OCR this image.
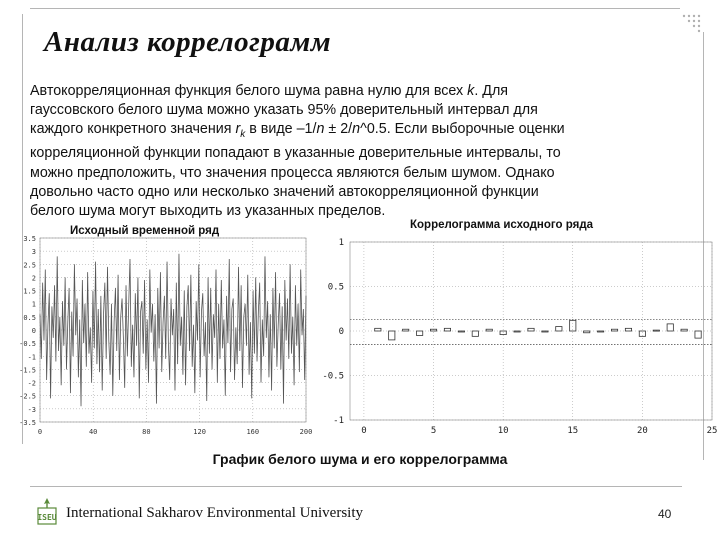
Анализ коррелограмм
Автокорреляционная функция белого шума равна нулю для всех k. Для
гауссовского белого шума можно указать 95% доверительный интервал для
каждого конкретного значения $r_k$ в виде –1/n ± 2/n^0.5. Если выборочные оценки
корреляционной функции попадают в указанные доверительные интервалы, то
можно предположить, что значения процесса являются белым шумом. Однако
довольно часто одно или несколько значений автокорреляционной функции
белого шума могут выходить из указанных пределов.
Исходный временной ряд	Коррелограмма исходного ряда
3.5
3
2.5
2
1.5
1
0.5
0
-0.5
-1
-1.5
-2
-2.5
-3
-3.5
0	40	80	120	160	200
1
0.5
0
-0.5
-1
0	5	10	15	20	25
График белого шума и его коррелограмма
ISEU International Sakharov Environmental University	40
